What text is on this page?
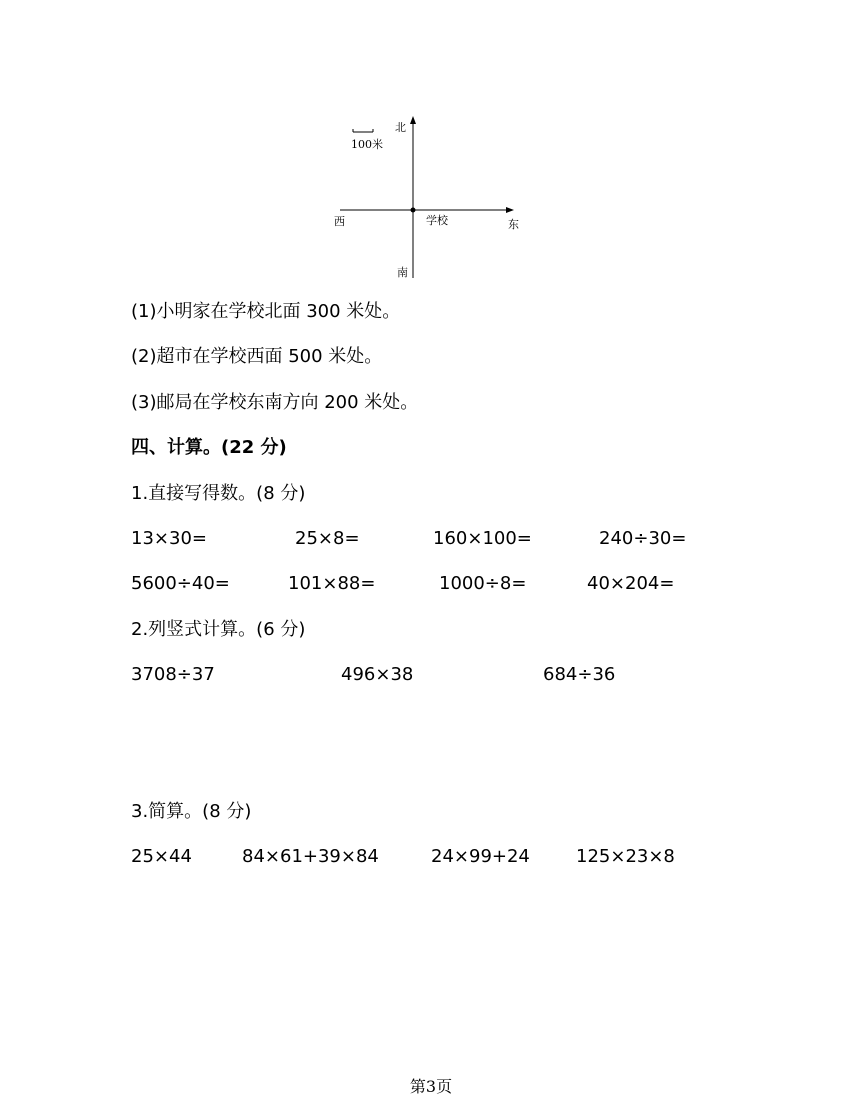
100米
北
西	学校	东
南
(1)小明家在学校北面 300 米处。
(2)超市在学校西面 500 米处。
(3)邮局在学校东南方向 200 米处。
四、计算。(22 分)
1.直接写得数。(8 分)
13×30=	25×8=	160×100=	240÷30=
5600÷40=	101×88=	1000÷8=	40×204=
2.列竖式计算。(6 分)
3708÷37	496×38	684÷36
3.简算。(8 分)
25×44	84×61+39×84	24×99+24	125×23×8
第3页
